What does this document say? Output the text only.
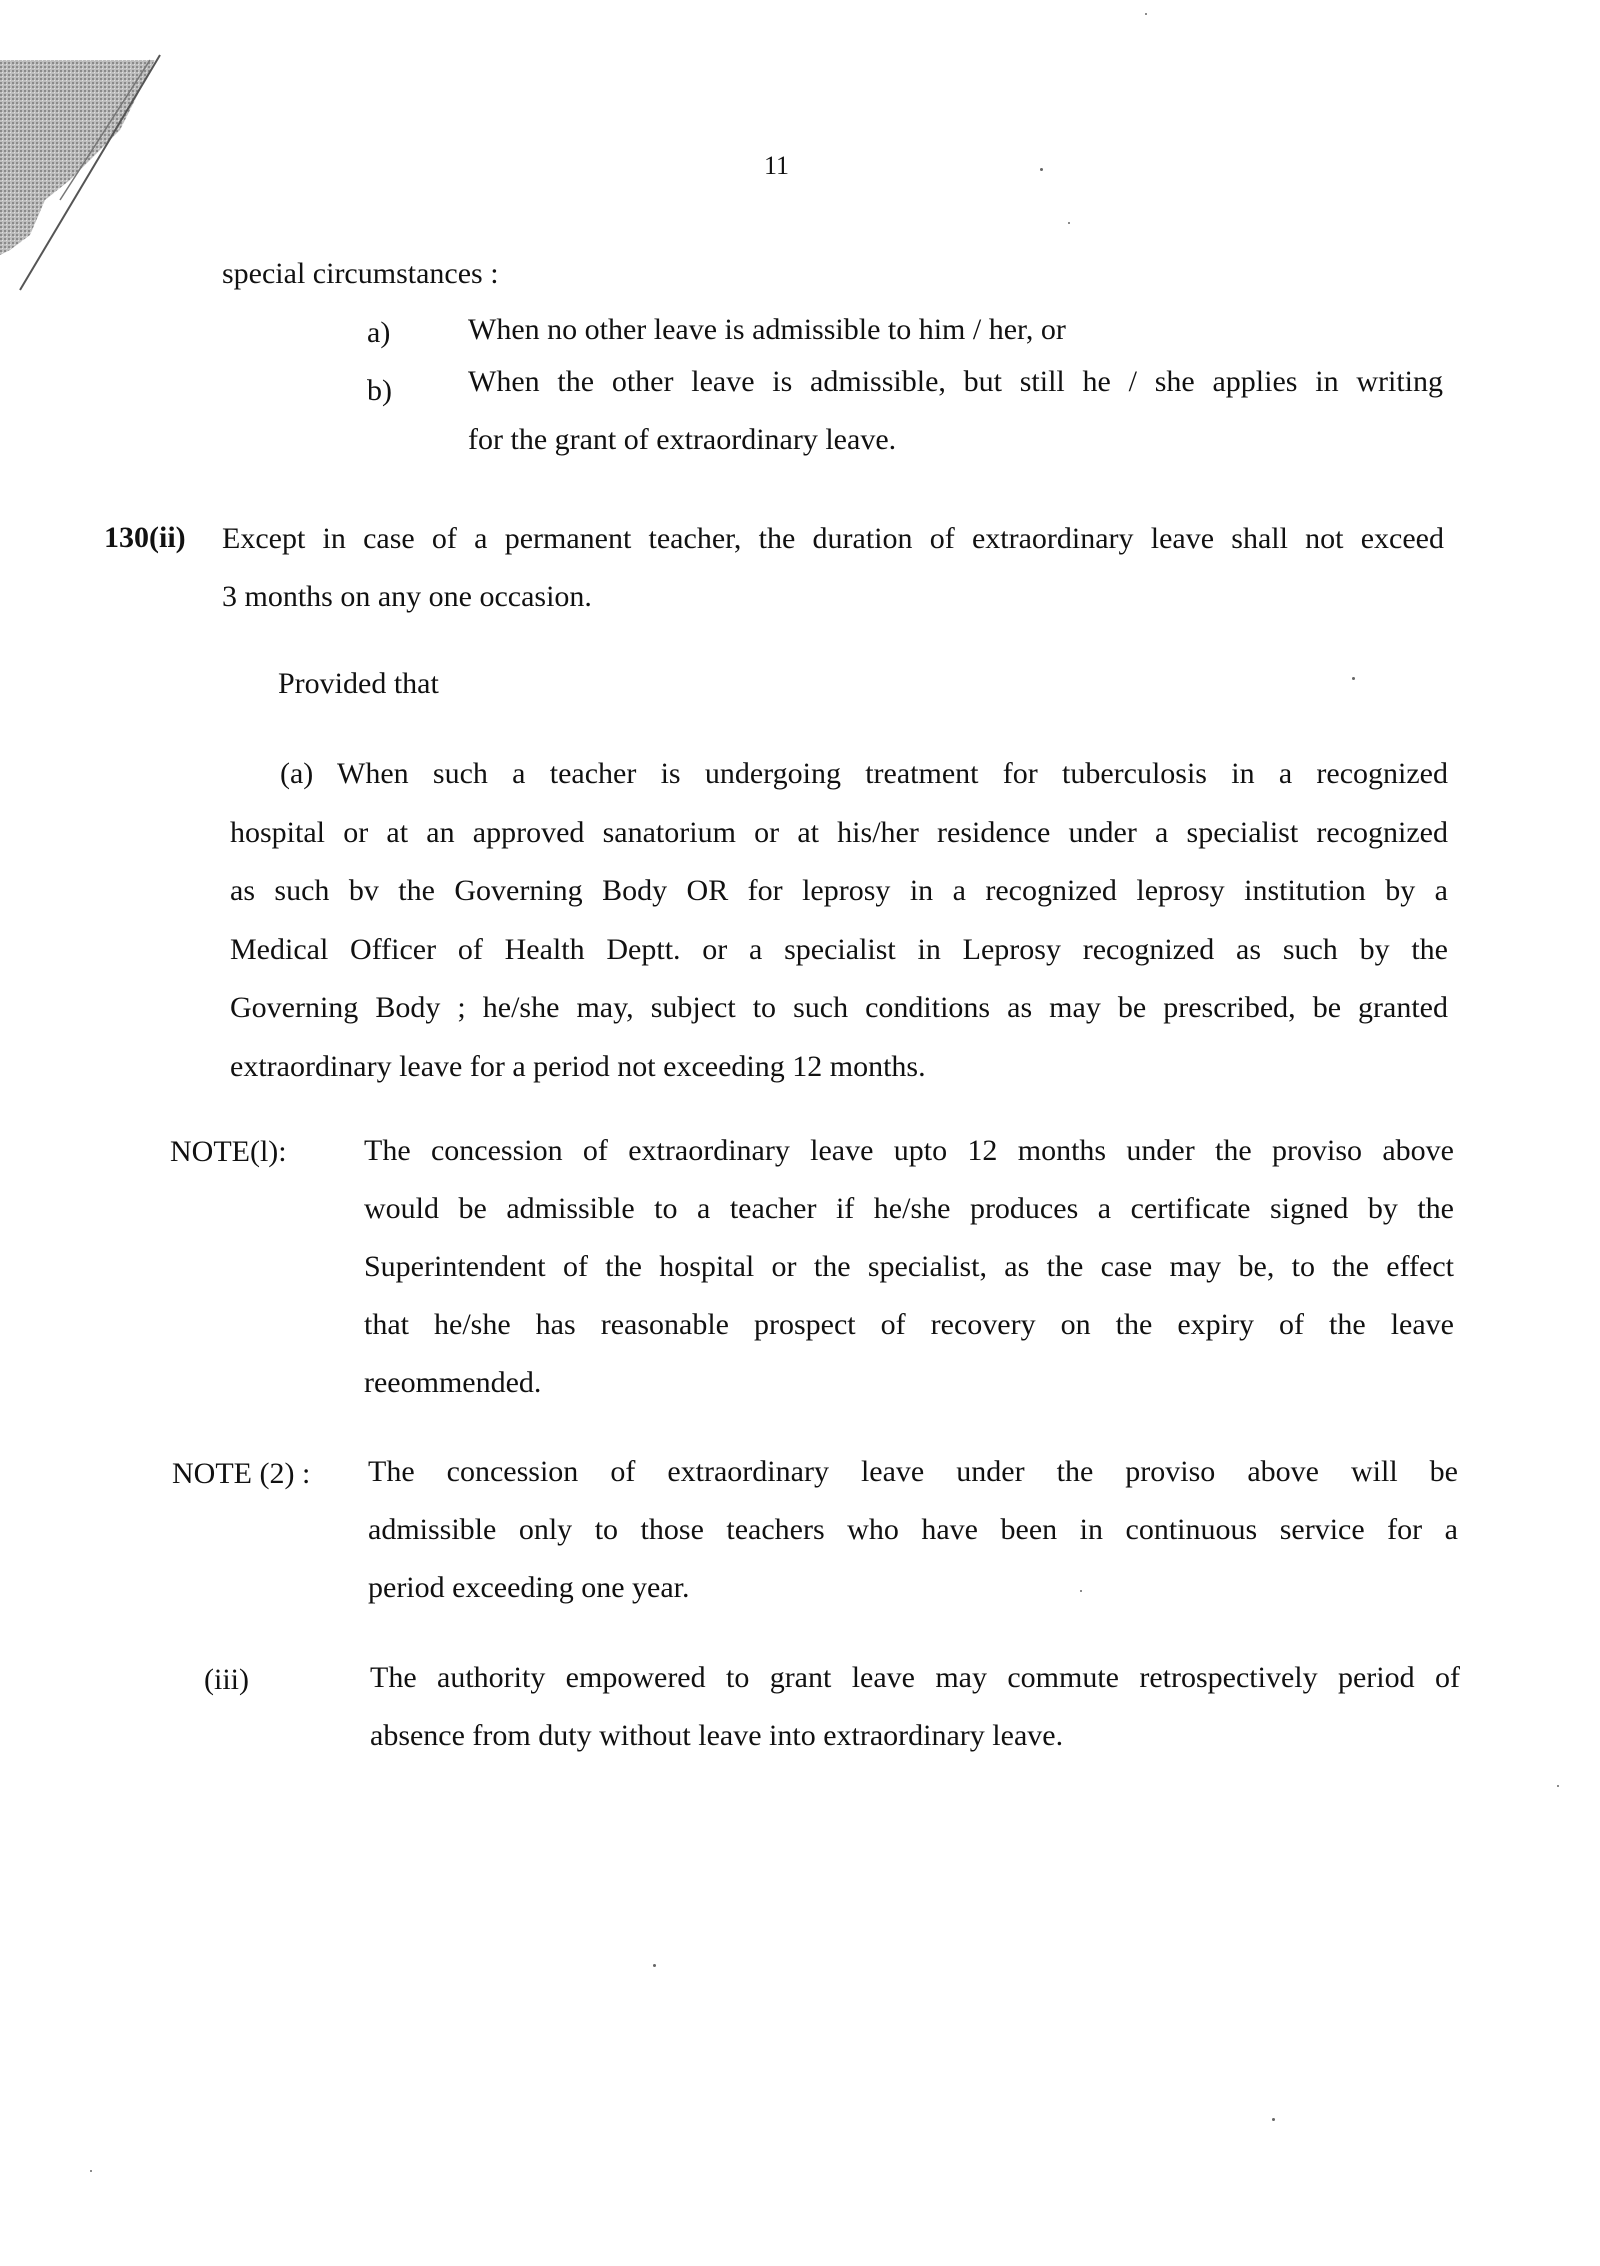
11
special circumstances :
a)	When no other leave is admissible to him / her, or
b)	When the other leave is admissible, but still he / she applies in writing
for the grant of extraordinary leave.
130(ii) Except in case of a permanent teacher, the duration of extraordinary leave shall not exceed
3 months on any one occasion.
Provided that
(a) When such a teacher is undergoing treatment for tuberculosis in a recognized
hospital or at an approved sanatorium or at his/her residence under a specialist recognized
as such bv the Governing Body OR for leprosy in a recognized leprosy institution by a
Medical Officer of Health Deptt. or a specialist in Leprosy recognized as such by the
Governing Body ; he/she may, subject to such conditions as may be prescribed, be granted
extraordinary leave for a period not exceeding 12 months.
NOTE(l):	The concession of extraordinary leave upto 12 months under the proviso above
would be admissible to a teacher if he/she produces a certificate signed by the
Superintendent of the hospital or the specialist, as the case may be, to the effect
that he/she has reasonable prospect of recovery on the expiry of the leave
reeommended.
NOTE (2) : The concession of extraordinary leave under the proviso above will be
admissible only to those teachers who have been in continuous service for a
period exceeding one year.
(iii)	The authority empowered to grant leave may commute retrospectively period of
absence from duty without leave into extraordinary leave.
